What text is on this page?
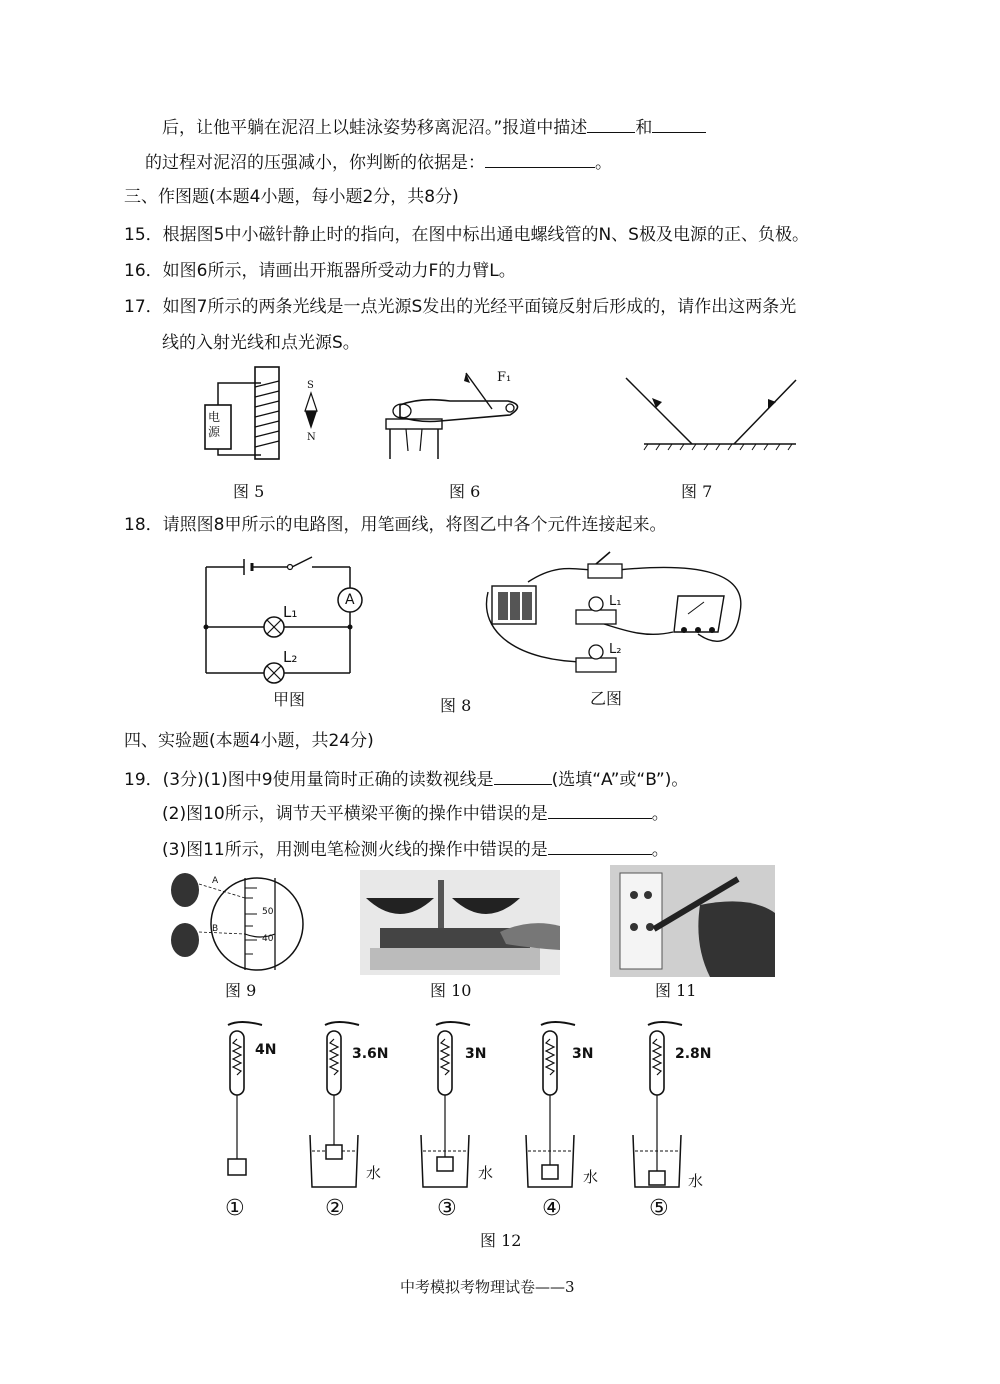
后，让他平躺在泥沼上以蛙泳姿势移离泥沼。”报道中描述	和
的过程对泥沼的压强减小，你判断的依据是：	。
三、作图题(本题4小题，每小题2分，共8分)
15．根据图5中小磁针静止时的指向，在图中标出通电螺线管的N、S极及电源的正、负极。
16．如图6所示，请画出开瓶器所受动力F的力臂L。
17．如图7所示的两条光线是一点光源S发出的光经平面镜反射后形成的，请作出这两条光
线的入射光线和点光源S。
电源
S
N
图 5
F₁
图 6	图 7
18．请照图8甲所示的电路图，用笔画线，将图乙中各个元件连接起来。
A
L₁
L₂
甲图	图 8
L₁
L₂
乙图
四、实验题(本题4小题，共24分)
19．(3分)(1)图中9使用量筒时正确的读数视线是	(选填“A”或“B”)。
(2)图10所示，调节天平横梁平衡的操作中错误的是	。
(3)图11所示，用测电笔检测火线的操作中错误的是	。
A
B
50
40
图 9	图 10	图 11
4N	3.6N	3N	3N	2.8N
水	水	水	水
①	②	③	④	⑤
图 12
中考模拟考物理试卷——3
